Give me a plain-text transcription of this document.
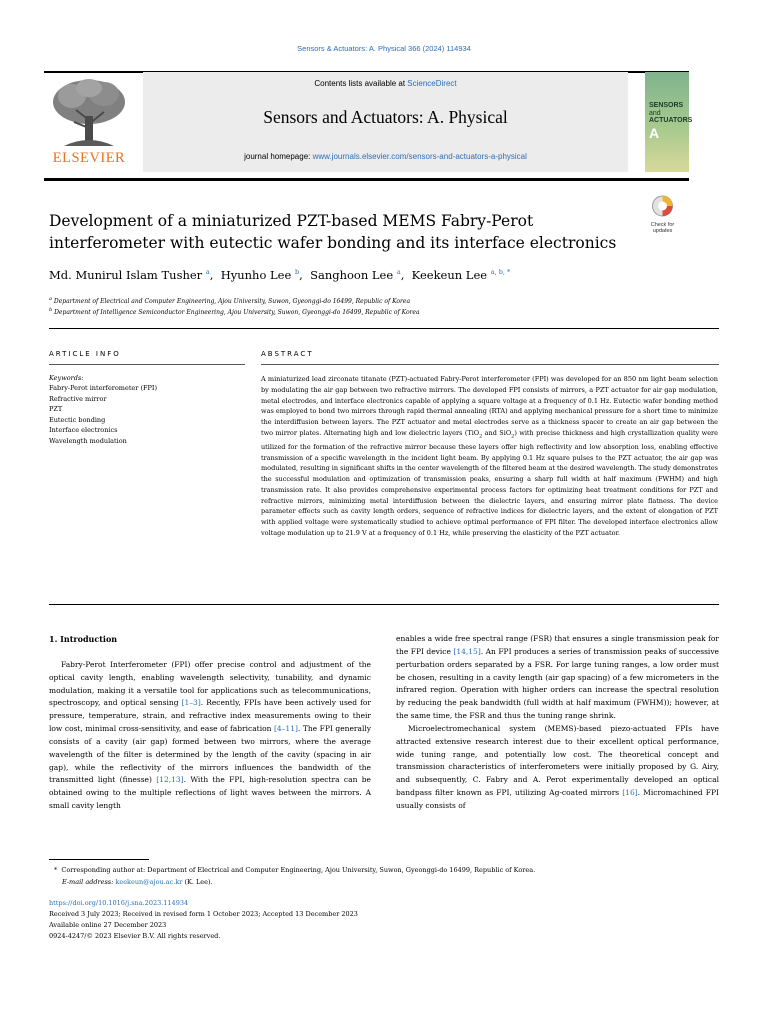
Sensors & Actuators: A. Physical 366 (2024) 114934
Contents lists available at ScienceDirect
Sensors and Actuators: A. Physical
journal homepage: www.journals.elsevier.com/sensors-and-actuators-a-physical
ELSEVIER
SENSORS
and
ACTUATORS
A
Development of a miniaturized PZT-based MEMS Fabry-Perot interferometer with eutectic wafer bonding and its interface electronics
Check for
updates
Md. Munirul Islam Tusher $^a$,  Hyunho Lee $^b$,  Sanghoon Lee $^a$,  Keekeun Lee $^{a, b, *}$
$^a$ Department of Electrical and Computer Engineering, Ajou University, Suwon, Gyeonggi-do 16499, Republic of Korea
$^b$ Department of Intelligence Semiconductor Engineering, Ajou University, Suwon, Gyeonggi-do 16499, Republic of Korea
ARTICLE INFO
Keywords:
Fabry-Perot interferometer (FPI)
Refractive mirror
PZT
Eutectic bonding
Interface electronics
Wavelength modulation
ABSTRACT
A miniaturized lead zirconate titanate (PZT)-actuated Fabry-Perot interferometer (FPI) was developed for an 850 nm light beam selection by modulating the air gap between two refractive mirrors. The developed FPI consists of mirrors, a PZT actuator for air gap modulation, metal electrodes, and interface electronics capable of applying a square voltage at a frequency of 0.1 Hz. Eutectic wafer bonding method was employed to bond two mirrors through rapid thermal annealing (RTA) and applying mechanical pressure for a short time to minimize the interdiffusion between layers. The PZT actuator and metal electrodes serve as a thickness spacer to create an air gap between the two mirror plates. Alternating high and low dielectric layers (TiO$_2$ and SiO$_2$) with precise thickness and high crystallization quality were utilized for the formation of the refractive mirror because these layers offer high reflectivity and low absorption loss, enabling effective transmission of a specific wavelength in the incident light beam. By applying 0.1 Hz square pulses to the PZT actuator, the air gap was modulated, resulting in significant shifts in the center wavelength of the filtered beam at the desired wavelength. The study demonstrates the successful modulation and optimization of transmission peaks, ensuring a sharp full width at half maximum (FWHM) and high transmission rate. It also provides comprehensive experimental process factors for optimizing heat treatment conditions for PZT and refractive mirrors, minimizing metal interdiffusion between the dielectric layers, and ensuring mirror plate flatness. The device parameter effects such as cavity length orders, sequence of refractive indices for dielectric layers, and the extent of elongation of PZT with applied voltage were systematically studied to achieve optimal performance of FPI filter. The developed interface electronics allow voltage modulation up to 21.9 V at a frequency of 0.1 Hz, while preserving the elasticity of the PZT actuator.
1. Introduction

Fabry-Perot Interferometer (FPI) offer precise control and adjustment of the optical cavity length, enabling wavelength selectivity, tunability, and dynamic modulation, making it a versatile tool for applications such as telecommunications, spectroscopy, and optical sensing [1–3]. Recently, FPIs have been actively used for pressure, temperature, strain, and refractive index measurements owing to their low cost, minimal cross-sensitivity, and ease of fabrication [4–11]. The FPI generally consists of a cavity (air gap) formed between two mirrors, where the average wavelength of the filter is determined by the length of the cavity (spacing in air gap), while the reflectivity of the mirrors influences the bandwidth of the transmitted light (finesse) [12,13]. With the FPI, high-resolution spectra can be obtained owing to the multiple reflections of light waves between the mirrors. A small cavity length

enables a wide free spectral range (FSR) that ensures a single transmission peak for the FPI device [14,15]. An FPI produces a series of transmission peaks of successive perturbation orders separated by a FSR. For large tuning ranges, a low order must be chosen, resulting in a cavity length (air gap spacing) of a few micrometers in the infrared region. Operation with higher orders can increase the spectral resolution by reducing the peak bandwidth (full width at half maximum (FWHM)); however, at the same time, the FSR and thus the tuning range shrink.

Microelectromechanical system (MEMS)-based piezo-actuated FPIs have attracted extensive research interest due to their excellent optical performance, wide tuning range, and potentially low cost. The theoretical concept and transmission characteristics of interferometers were initially proposed by G. Airy, and subsequently, C. Fabry and A. Perot experimentally developed an optical bandpass filter known as FPI, utilizing Ag-coated mirrors [16]. Micromachined FPI usually consists of

*  Corresponding author at: Department of Electrical and Computer Engineering, Ajou University, Suwon, Gyeonggi-do 16499, Republic of Korea.
E-mail address: keekeun@ajou.ac.kr (K. Lee).
https://doi.org/10.1016/j.sna.2023.114934
Received 3 July 2023; Received in revised form 1 October 2023; Accepted 13 December 2023
Available online 27 December 2023
0924-4247/© 2023 Elsevier B.V. All rights reserved.
